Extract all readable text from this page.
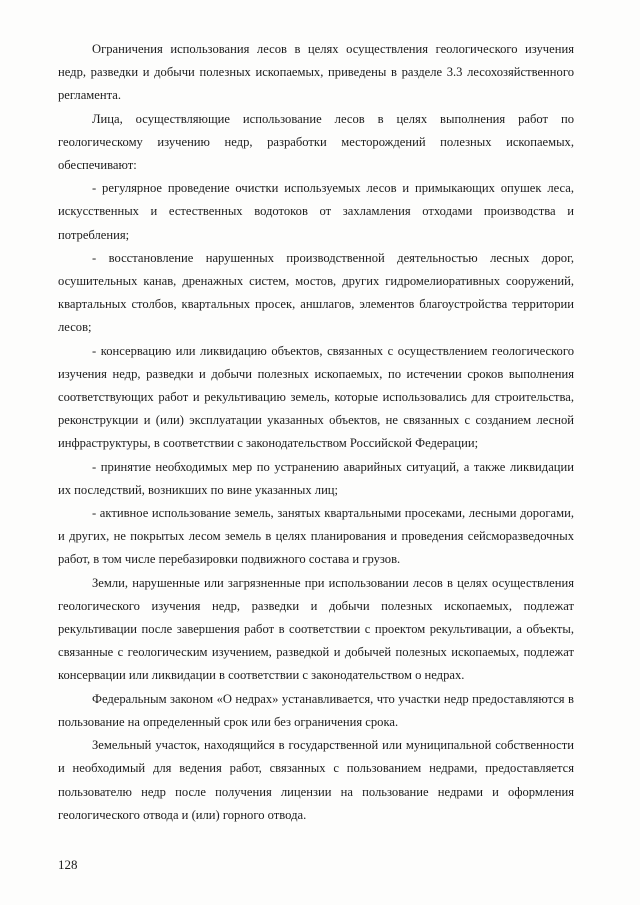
Ограничения использования лесов в целях осуществления геологического изучения недр, разведки и добычи полезных ископаемых, приведены в разделе 3.3 лесохозяйственного регламента.

Лица, осуществляющие использование лесов в целях выполнения работ по геологическому изучению недр, разработки месторождений полезных ископаемых, обеспечивают:

- регулярное проведение очистки используемых лесов и примыкающих опушек леса, искусственных и естественных водотоков от захламления отходами производства и потребления;

- восстановление нарушенных производственной деятельностью лесных дорог, осушительных канав, дренажных систем, мостов, других гидромелиоративных сооружений, квартальных столбов, квартальных просек, аншлагов, элементов благоустройства территории лесов;

- консервацию или ликвидацию объектов, связанных с осуществлением геологического изучения недр, разведки и добычи полезных ископаемых, по истечении сроков выполнения соответствующих работ и рекультивацию земель, которые использовались для строительства, реконструкции и (или) эксплуатации указанных объектов, не связанных с созданием лесной инфраструктуры, в соответствии с законодательством Российской Федерации;

- принятие необходимых мер по устранению аварийных ситуаций, а также ликвидации их последствий, возникших по вине указанных лиц;

- активное использование земель, занятых квартальными просеками, лесными дорогами, и других, не покрытых лесом земель в целях планирования и проведения сейсморазведочных работ, в том числе перебазировки подвижного состава и грузов.

Земли, нарушенные или загрязненные при использовании лесов в целях осуществления геологического изучения недр, разведки и добычи полезных ископаемых, подлежат рекультивации после завершения работ в соответствии с проектом рекультивации, а объекты, связанные с геологическим изучением, разведкой и добычей полезных ископаемых, подлежат консервации или ликвидации в соответствии с законодательством о недрах.

Федеральным законом «О недрах» устанавливается, что участки недр предоставляются в пользование на определенный срок или без ограничения срока.

Земельный участок, находящийся в государственной или муниципальной собственности и необходимый для ведения работ, связанных с пользованием недрами, предоставляется пользователю недр после получения лицензии на пользование недрами и оформления геологического отвода и (или) горного отвода.

128
